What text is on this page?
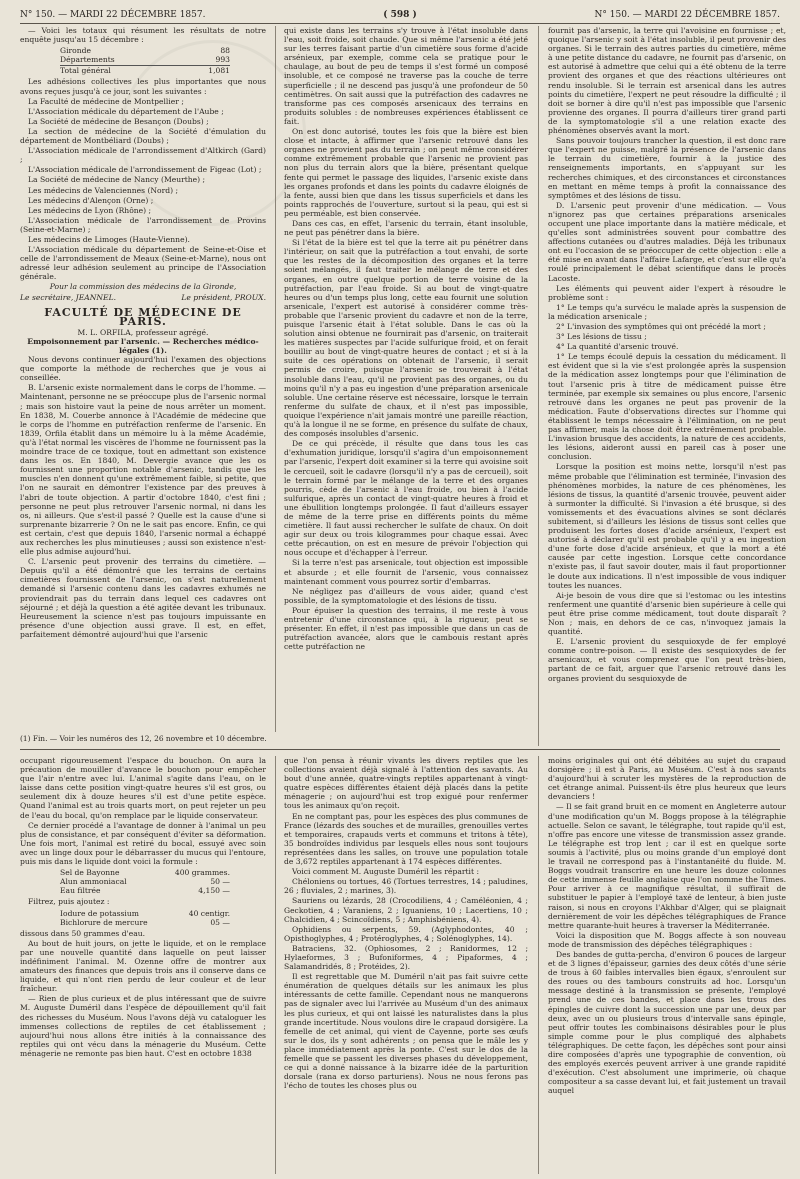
N° 150. — MARDI 22 DÉCEMBRE 1857.	( 598 )	N° 150. — MARDI 22 DÉCEMBRE 1857.

— Voici les totaux qui résument les résultats de notre enquête jusqu'au 15 décembre :

Gironde	88
Départements	993
Total général	1,081

Les adhésions collectives les plus importantes que nous avons reçues jusqu'à ce jour, sont les suivantes :

La Faculté de médecine de Montpellier ;

L'Association médicale du département de l'Aube ;

La Société de médecine de Besançon (Doubs) ;

La section de médecine de la Société d'émulation du département de Montbéliard (Doubs) ;

L'Association médicale de l'arrondissement d'Altkirch (Gard) ;

L'Association médicale de l'arrondissement de Figeac (Lot) ;

La Société de médecine de Nancy (Meurthe) ;

Les médecins de Valenciennes (Nord) ;

Les médecins d'Alençon (Orne) ;

Les médecins de Lyon (Rhône) ;

L'Association médicale de l'arrondissement de Provins (Seine-et-Marne) ;

Les médecins de Limoges (Haute-Vienne).

L'Association médicale du département de Seine-et-Oise et celle de l'arrondissement de Meaux (Seine-et-Marne), nous ont adressé leur adhésion seulement au principe de l'Association générale.

Pour la commission des médecins de la Gironde,

Le secrétaire, JEANNEL.	Le président, PROUX.
FACULTÉ DE MÉDECINE DE PARIS.
M. L. ORFILA, professeur agrégé.
Empoisonnement par l'arsenic. — Recherches médico-légales (1).

Nous devons continuer aujourd'hui l'examen des objections que comporte la méthode de recherches que je vous ai conseillée.

B. L'arsenic existe normalement dans le corps de l'homme. — Maintenant, personne ne se préoccupe plus de l'arsenic normal ; mais son histoire vaut la peine de nous arrêter un moment. En 1838, M. Couerbe annonce à l'Académie de médecine que le corps de l'homme en putréfaction renferme de l'arsenic. En 1839, Orfila établit dans un mémoire lu à la même Académie, qu'à l'état normal les viscères de l'homme ne fournissent pas la moindre trace de ce toxique, tout en admettant son existence dans les os. En 1840, M. Devergie avance que les os fournissent une proportion notable d'arsenic, tandis que les muscles n'en donnent qu'une extrêmement faible, si petite, que l'on ne saurait en démontrer l'existence par des preuves à l'abri de toute objection. A partir d'octobre 1840, c'est fini ; personne ne peut plus retrouver l'arsenic normal, ni dans les os, ni ailleurs. Que s'est-il passé ? Quelle est la cause d'une si surprenante bizarrerie ? On ne le sait pas encore. Enfin, ce qui est certain, c'est que depuis 1840, l'arsenic normal a échappé aux recherches les plus minutieuses ; aussi son existence n'est-elle plus admise aujourd'hui.

C. L'arsenic peut provenir des terrains du cimetière. — Depuis qu'il a été démontré que les terrains de certains cimetières fournissent de l'arsenic, on s'est naturellement demandé si l'arsenic contenu dans les cadavres exhumés ne proviendrait pas du terrain dans lequel ces cadavres ont séjourné ; et déjà la question a été agitée devant les tribunaux. Heureusement la science n'est pas toujours impuissante en présence d'une objection aussi grave. Il est, en effet, parfaitement démontré aujourd'hui que l'arsenic

qui existe dans les terrains s'y trouve à l'état insoluble dans l'eau, soit froide, soit chaude. Que si même l'arsenic a été jeté sur les terres faisant partie d'un cimetière sous forme d'acide arsénieux, par exemple, comme cela se pratique pour le chaulage, au bout de peu de temps il s'est formé un composé insoluble, et ce composé ne traverse pas la couche de terre superficielle ; il ne descend pas jusqu'à une profondeur de 50 centimètres. On sait aussi que la putréfaction des cadavres ne transforme pas ces composés arsenicaux des terrains en produits solubles : de nombreuses expériences établissent ce fait.

On est donc autorisé, toutes les fois que la bière est bien close et intacte, à affirmer que l'arsenic retrouvé dans les organes ne provient pas du terrain ; on peut même considérer comme extrêmement probable que l'arsenic ne provient pas non plus du terrain alors que la bière, présentant quelque fente qui permet le passage des liquides, l'arsenic existe dans les organes profonds et dans les points du cadavre éloignés de la fente, aussi bien que dans les tissus superficiels et dans les points rapprochés de l'ouverture, surtout si la peau, qui est si peu perméable, est bien conservée.

Dans ces cas, en effet, l'arsenic du terrain, étant insoluble, ne peut pas pénétrer dans la bière.

Si l'état de la bière est tel que la terre ait pu pénétrer dans l'intérieur, on sait que la putréfaction a tout envahi, de sorte que les restes de la décomposition des organes et la terre soient mélangés, il faut traiter le mélange de terre et des organes, en outre quelque portion de terre voisine de la putréfaction, par l'eau froide. Si au bout de vingt-quatre heures ou d'un temps plus long, cette eau fournit une solution arsenicale, l'expert est autorisé à considérer comme très-probable que l'arsenic provient du cadavre et non de la terre, puisque l'arsenic était à l'état soluble. Dans le cas où la solution ainsi obtenue ne fournirait pas d'arsenic, on traiterait les matières suspectes par l'acide sulfurique froid, et on ferait bouillir au bout de vingt-quatre heures de contact ; et si à la suite de ces opérations on obtenait de l'arsenic, il serait permis de croire, puisque l'arsenic se trouverait à l'état insoluble dans l'eau, qu'il ne provient pas des organes, ou du moins qu'il n'y a pas eu ingestion d'une préparation arsenicale soluble. Une certaine réserve est nécessaire, lorsque le terrain renferme du sulfate de chaux, et il n'est pas impossible, quoique l'expérience n'ait jamais montré une pareille réaction, qu'à la longue il ne se forme, en présence du sulfate de chaux, des composés insolubles d'arsenic.

De ce qui précède, il résulte que dans tous les cas d'exhumation juridique, lorsqu'il s'agira d'un empoisonnement par l'arsenic, l'expert doit examiner si la terre qui avoisine soit le cercueil, soit le cadavre (lorsqu'il n'y a pas de cercueil), soit le terrain formé par le mélange de la terre et des organes pourris, cède de l'arsenic à l'eau froide, ou bien à l'acide sulfurique, après un contact de vingt-quatre heures à froid et une ébullition longtemps prolongée. Il faut d'ailleurs essayer de même de la terre prise en différents points du même cimetière. Il faut aussi rechercher le sulfate de chaux. On doit agir sur deux ou trois kilogrammes pour chaque essai. Avec cette précaution, on est en mesure de prévoir l'objection qui nous occupe et d'échapper à l'erreur.

Si la terre n'est pas arsenicale, tout objection est impossible et absurde ; et elle fournit de l'arsenic, vous connaissez maintenant comment vous pourrez sortir d'embarras.

Ne négligez pas d'ailleurs de vous aider, quand c'est possible, de la symptomatologie et des lésions de tissu.

Pour épuiser la question des terrains, il me reste à vous entretenir d'une circonstance qui, à la rigueur, peut se présenter. En effet, il n'est pas impossible que dans un cas de putréfaction avancée, alors que le cambouis restant après cette putréfaction ne

(1) Fin. — Voir les numéros des 12, 26 novembre et 10 décembre.

fournit pas d'arsenic, la terre qui l'avoisine en fournisse ; et, quoique l'arsenic y soit à l'état insoluble, il peut provenir des organes. Si le terrain des autres parties du cimetière, même à une petite distance du cadavre, ne fournit pas d'arsenic, on est autorisé à admettre que celui qui a été obtenu de la terre provient des organes et que des réactions ultérieures ont rendu insoluble. Si le terrain est arsenical dans les autres points du cimetière, l'expert ne peut résoudre la difficulté ; il doit se borner à dire qu'il n'est pas impossible que l'arsenic provienne des organes. Il pourra d'ailleurs tirer grand parti de la symptomatologie s'il a une relation exacte des phénomènes observés avant la mort.

Sans pouvoir toujours trancher la question, il est donc rare que l'expert ne puisse, malgré la présence de l'arsenic dans le terrain du cimetière, fournir à la justice des renseignements importants, en s'appuyant sur les recherches chimiques, et des circonstances et circonstances en mettant en même temps à profit la connaissance des symptômes et des lésions de tissu.

D. L'arsenic peut provenir d'une médication. — Vous n'ignorez pas que certaines préparations arsenicales occupent une place importante dans la matière médicale, et qu'elles sont administrées souvent pour combattre des affections cutanées ou d'autres maladies. Déjà les tribunaux ont eu l'occasion de se préoccuper de cette objection : elle a été mise en avant dans l'affaire Lafarge, et c'est sur elle qu'a roulé principalement le débat scientifique dans le procès Lacoste.

Les éléments qui peuvent aider l'expert à résoudre le problème sont :

1° Le temps qu'a survécu le malade après la suspension de la médication arsenicale ;

2° L'invasion des symptômes qui ont précédé la mort ;

3° Les lésions de tissu ;

4° La quantité d'arsenic trouvé.

1° Le temps écoulé depuis la cessation du médicament. Il est évident que si la vie s'est prolongée après la suspension de la médication assez longtemps pour que l'élimination de tout l'arsenic pris à titre de médicament puisse être terminée, par exemple six semaines ou plus encore, l'arsenic retrouvé dans les organes ne peut pas provenir de la médication. Faute d'observations directes sur l'homme qui établissent le temps nécessaire à l'élimination, on ne peut pas affirmer, mais la chose doit être extrêmement probable. L'invasion brusque des accidents, la nature de ces accidents, les lésions, aideront aussi en pareil cas à poser une conclusion.

Lorsque la position est moins nette, lorsqu'il n'est pas même probable que l'élimination est terminée, l'invasion des phénomènes morbides, la nature de ces phénomènes, les lésions de tissus, la quantité d'arsenic trouvée, peuvent aider à surmonter la difficulté. Si l'invasion a été brusque, si des vomissements et des évacuations alvines se sont déclarés subitement, si d'ailleurs les lésions de tissus sont celles que produisent les fortes doses d'acide arsénieux, l'expert est autorisé à déclarer qu'il est probable qu'il y a eu ingestion d'une forte dose d'acide arsénieux, et que la mort a été causée par cette ingestion. Lorsque cette concordance n'existe pas, il faut savoir douter, mais il faut proportionner le doute aux indications. Il n'est impossible de vous indiquer toutes les nuances.

Ai-je besoin de vous dire que si l'estomac ou les intestins renferment une quantité d'arsenic bien supérieure à celle qui peut être prise comme médicament, tout doute disparaît ? Non ; mais, en dehors de ce cas, n'invoquez jamais la quantité.

E. L'arsenic provient du sesquioxyde de fer employé comme contre-poison. — Il existe des sesquioxydes de fer arsenicaux, et vous comprenez que l'on peut très-bien, partant de ce fait, arguer que l'arsenic retrouvé dans les organes provient du sesquioxyde de

occupant rigoureusement l'espace du bouchon. On aura la précaution de mouiller d'avance le bouchon pour empêcher que l'air n'entre avec lui. L'animal s'agite dans l'eau, on le laisse dans cette position vingt-quatre heures s'il est gros, ou seulement dix à douze heures s'il est d'une petite espèce. Quand l'animal est au trois quarts mort, on peut rejeter un peu de l'eau du bocal, qu'on remplace par le liquide conservateur.

Ce dernier procédé a l'avantage de donner à l'animal un peu plus de consistance, et par conséquent d'éviter sa déformation. Une fois mort, l'animal est retiré du bocal, essuyé avec soin avec un linge doux pour le débarrasser du mucus qui l'entoure, puis mis dans le liquide dont voici la formule :

Sel de Bayonne	400 grammes.
Alun ammoniacal	50 —
Eau filtrée	4,150 —

Filtrez, puis ajoutez :

Iodure de potassium	40 centigr.
Bichlorure de mercure	05 —

dissous dans 50 grammes d'eau.

Au bout de huit jours, on jette le liquide, et on le remplace par une nouvelle quantité dans laquelle on peut laisser indéfiniment l'animal. M. Ozenne offre de montrer aux amateurs des finances que depuis trois ans il conserve dans ce liquide, et qui n'ont rien perdu de leur couleur et de leur fraîcheur.

— Rien de plus curieux et de plus intéressant que de suivre M. Auguste Duméril dans l'espèce de dépouillement qu'il fait des richesses du Muséum. Nous l'avons déjà vu cataloguer les immenses collections de reptiles de cet établissement ; aujourd'hui nous allons être initiés à la connaissance des reptiles qui ont vécu dans la ménagerie du Muséum. Cette ménagerie ne remonte pas bien haut. C'est en octobre 1838

que l'on pensa à réunir vivants les divers reptiles que les collections avaient déjà signalé à l'attention des savants. Au bout d'une année, quatre-vingts reptiles appartenant à vingt-quatre espèces différentes étaient déjà placés dans la petite ménagerie ; on aujourd'hui est trop exigué pour renfermer tous les animaux qu'on reçoit.

En ne comptant pas, pour les espèces des plus communes de France (lézards des souches et de murailles, grenouilles vertes et temporaires, crapauds verts et communs et tritons à tête), 35 bondroïdes individus par lesquels elles nous sont toujours représentées dans les salles, on trouve une population totale de 3,672 reptiles appartenant à 174 espèces différentes.

Voici comment M. Auguste Duméril les répartit :

Chéloniens ou tortues, 46 (Tortues terrestres, 14 ; paludines, 26 ; fluviales, 2 ; marines, 3).

Sauriens ou lézards, 28 (Crocodiliens, 4 ; Caméléonien, 4 ; Geckotien, 4 ; Varaniens, 2 ; Iguaniens, 10 ; Lacertiens, 10 ; Chalcidien, 4 ; Scincoïdiens, 5 ; Amphisbéniens, 4).

Ophidiens ou serpents, 59. (Aglyphodontes, 40 ; Opisthoglyphes, 4 ; Protéroglyphes, 4 ; Solénoglyphes, 14).

Batraciens, 32. (Ophiosomes, 2 ; Ranidormes, 12 ; Hylaeformes, 3 ; Bufoniformes, 4 ; Pipaformes, 4 ; Salamandridés, 8 ; Protéides, 2).

Il est regrettable que M. Duméril n'ait pas fait suivre cette énumération de quelques détails sur les animaux les plus intéressants de cette famille. Cependant nous ne manquerons pas de signaler avec lui l'arrivée au Muséum d'un des animaux les plus curieux, et qui ont laissé les naturalistes dans la plus grande incertitude. Nous voulons dire le crapaud dorsigère. La femelle de cet animal, qui vient de Cayenne, porte ses œufs sur le dos, ils y sont adhérents ; on pensa que le mâle les y place immédiatement après la ponte. C'est sur le dos de la femelle que se passent les diverses phases du développement, ce qui a donné naissance à la bizarre idée de la parturition dorsale (rana ex dorso parturiens). Nous ne nous ferons pas l'écho de toutes les choses plus ou

moins originales qui ont été débitées au sujet du crapaud dorsigère ; il est à Paris, au Muséum. C'est à nos savants d'aujourd'hui à scruter les mystères de la reproduction de cet étrange animal. Puissent-ils être plus heureux que leurs devanciers !

— Il se fait grand bruit en ce moment en Angleterre autour d'une modification qu'un M. Boggs propose à la télégraphie actuelle. Selon ce savant, le télégraphe, tout rapide qu'il est, n'offre pas encore une vitesse de transmission assez grande. Le télégraphe est trop lent ; car il est en quelque sorte soumis à l'activité, plus ou moins grande d'un employé dont le travail ne correspond pas à l'instantanéité du fluide. M. Boggs voudrait transcrire en une heure les douze colonnes de cette immense feuille anglaise que l'on nomme the Times. Pour arriver à ce magnifique résultat, il suffirait de substituer le papier à l'employé taxé de lenteur, à bien juste raison, si nous en croyons l'Akhbar d'Alger, qui se plaignait dernièrement de voir les dépêches télégraphiques de France mettre quarante-huit heures à traverser la Méditerranée.

Voici la disposition que M. Boggs affecte à son nouveau mode de transmission des dépêches télégraphiques :

Des bandes de gutta-percha, d'environ 6 pouces de largeur et de 3 lignes d'épaisseur, garnies des deux côtés d'une série de trous à 60 faibles intervalles bien égaux, s'enroulent sur des roues ou des tambours construits ad hoc. Lorsqu'un message destiné à la transmission se présente, l'employé prend une de ces bandes, et place dans les trous des épingles de cuivre dont la succession une par une, deux par deux, avec un ou plusieurs trous d'intervalle sans épingle, peut offrir toutes les combinaisons désirables pour le plus simple comme pour le plus compliqué des alphabets télégraphiques. De cette façon, les dépêches sont pour ainsi dire composées d'après une typographie de convention, où des employés exercés peuvent arriver à une grande rapidité d'exécution. C'est absolument une imprimerie, où chaque compositeur a sa casse devant lui, et fait justement un travail auquel
